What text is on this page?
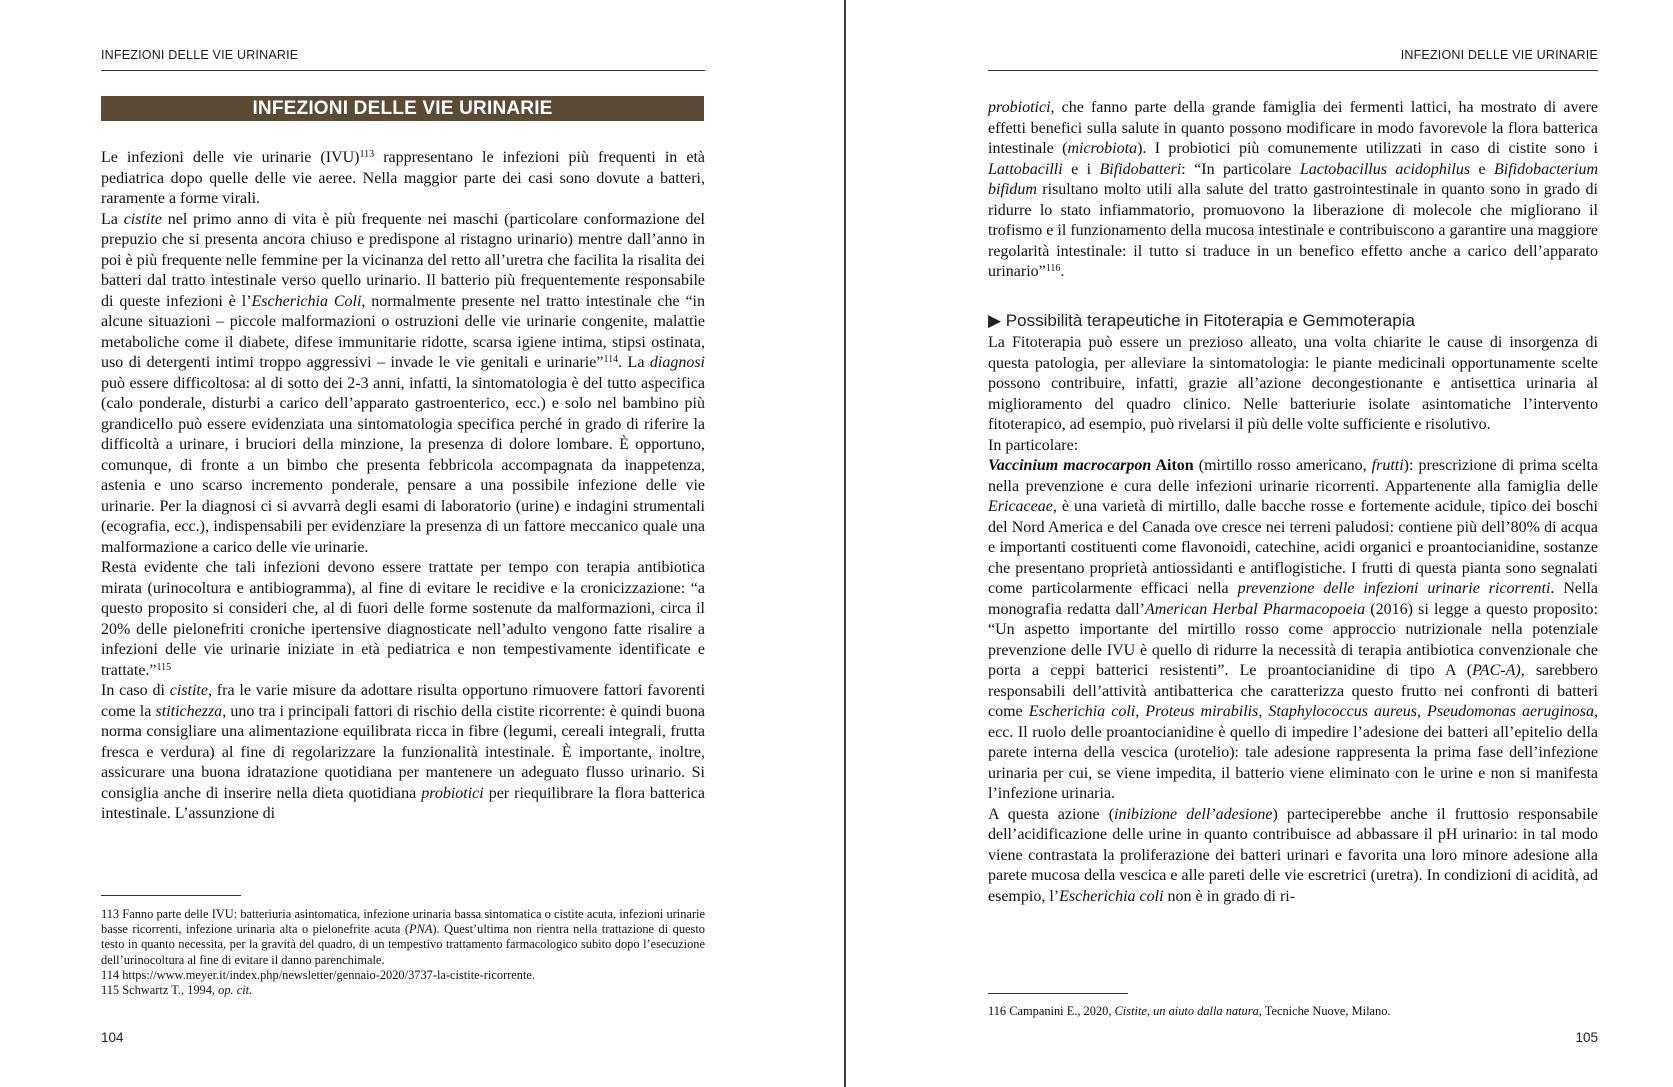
INFEZIONI DELLE VIE URINARIE
INFEZIONI DELLE VIE URINARIE

Le infezioni delle vie urinarie (IVU)$^{113}$ rappresentano le infezioni più frequenti in età pediatrica dopo quelle delle vie aeree. Nella maggior parte dei casi sono dovute a batteri, raramente a forme virali.

La cistite nel primo anno di vita è più frequente nei maschi (particolare conformazione del prepuzio che si presenta ancora chiuso e predispone al ristagno urinario) mentre dall’anno in poi è più frequente nelle femmine per la vicinanza del retto all’uretra che facilita la risalita dei batteri dal tratto intestinale verso quello urinario. Il batterio più frequentemente responsabile di queste infezioni è l’Escherichia Coli, normalmente presente nel tratto intestinale che “in alcune situazioni – piccole malformazioni o ostruzioni delle vie urinarie congenite, malattie metaboliche come il diabete, difese immunitarie ridotte, scarsa igiene intima, stipsi ostinata, uso di detergenti intimi troppo aggressivi – invade le vie genitali e urinarie”$^{114}$. La diagnosi può essere difficoltosa: al di sotto dei 2-3 anni, infatti, la sintomatologia è del tutto aspecifica (calo ponderale, disturbi a carico dell’apparato gastroenterico, ecc.) e solo nel bambino più grandicello può essere evidenziata una sintomatologia specifica perché in grado di riferire la difficoltà a urinare, i bruciori della minzione, la presenza di dolore lombare. È opportuno, comunque, di fronte a un bimbo che presenta febbricola accompagnata da inappetenza, astenia e uno scarso incremento ponderale, pensare a una possibile infezione delle vie urinarie. Per la diagnosi ci si avvarrà degli esami di laboratorio (urine) e indagini strumentali (ecografia, ecc.), indispensabili per evidenziare la presenza di un fattore meccanico quale una malformazione a carico delle vie urinarie.

Resta evidente che tali infezioni devono essere trattate per tempo con terapia antibiotica mirata (urinocoltura e antibiogramma), al fine di evitare le recidive e la cronicizzazione: “a questo proposito si consideri che, al di fuori delle forme sostenute da malformazioni, circa il 20% delle pielonefriti croniche ipertensive diagnosticate nell’adulto vengono fatte risalire a infezioni delle vie urinarie iniziate in età pediatrica e non tempestivamente identificate e trattate.”$^{115}$

In caso di cistite, fra le varie misure da adottare risulta opportuno rimuovere fattori favorenti come la stitichezza, uno tra i principali fattori di rischio della cistite ricorrente: è quindi buona norma consigliare una alimentazione equilibrata ricca in fibre (legumi, cereali integrali, frutta fresca e verdura) al fine di regolarizzare la funzionalità intestinale. È importante, inoltre, assicurare una buona idratazione quotidiana per mantenere un adeguato flusso urinario. Si consiglia anche di inserire nella dieta quotidiana probiotici per riequilibrare la flora batterica intestinale. L’assunzione di

113 Fanno parte delle IVU: batteriuria asintomatica, infezione urinaria bassa sintomatica o cistite acuta, infezioni urinarie basse ricorrenti, infezione urinaria alta o pielonefrite acuta (PNA). Quest’ultima non rientra nella trattazione di questo testo in quanto necessita, per la gravità del quadro, di un tempestivo trattamento farmacologico subito dopo l’esecuzione dell’urinocoltura al fine di evitare il danno parenchimale.

114 https://www.meyer.it/index.php/newsletter/gennaio-2020/3737-la-cistite-ricorrente.

115 Schwartz T., 1994, op. cit.

104
INFEZIONI DELLE VIE URINARIE

probiotici, che fanno parte della grande famiglia dei fermenti lattici, ha mostrato di avere effetti benefici sulla salute in quanto possono modificare in modo favorevole la flora batterica intestinale (microbiota). I probiotici più comunemente utilizzati in caso di cistite sono i Lattobacilli e i Bifidobatteri: “In particolare Lactobacillus acidophilus e Bifidobacterium bifidum risultano molto utili alla salute del tratto gastrointestinale in quanto sono in grado di ridurre lo stato infiammatorio, promuovono la liberazione di molecole che migliorano il trofismo e il funzionamento della mucosa intestinale e contribuiscono a garantire una maggiore regolarità intestinale: il tutto si traduce in un benefico effetto anche a carico dell’apparato urinario”$^{116}$.

▶ Possibilità terapeutiche in Fitoterapia e Gemmoterapia

La Fitoterapia può essere un prezioso alleato, una volta chiarite le cause di insorgenza di questa patologia, per alleviare la sintomatologia: le piante medicinali opportunamente scelte possono contribuire, infatti, grazie all’azione decongestionante e antisettica urinaria al miglioramento del quadro clinico. Nelle batteriurie isolate asintomatiche l’intervento fitoterapico, ad esempio, può rivelarsi il più delle volte sufficiente e risolutivo.

In particolare:

Vaccinium macrocarpon Aiton (mirtillo rosso americano, frutti): prescrizione di prima scelta nella prevenzione e cura delle infezioni urinarie ricorrenti. Appartenente alla famiglia delle Ericaceae, è una varietà di mirtillo, dalle bacche rosse e fortemente acidule, tipico dei boschi del Nord America e del Canada ove cresce nei terreni paludosi: contiene più dell’80% di acqua e importanti costituenti come flavonoidi, catechine, acidi organici e proantocianidine, sostanze che presentano proprietà antiossidanti e antiflogistiche. I frutti di questa pianta sono segnalati come particolarmente efficaci nella prevenzione delle infezioni urinarie ricorrenti. Nella monografia redatta dall’American Herbal Pharmacopoeia (2016) si legge a questo proposito: “Un aspetto importante del mirtillo rosso come approccio nutrizionale nella potenziale prevenzione delle IVU è quello di ridurre la necessità di terapia antibiotica convenzionale che porta a ceppi batterici resistenti”. Le proantocianidine di tipo A (PAC-A), sarebbero responsabili dell’attività antibatterica che caratterizza questo frutto nei confronti di batteri come Escherichia coli, Proteus mirabilis, Staphylococcus aureus, Pseudomonas aeruginosa, ecc. Il ruolo delle proantocianidine è quello di impedire l’adesione dei batteri all’epitelio della parete interna della vescica (urotelio): tale adesione rappresenta la prima fase dell’infezione urinaria per cui, se viene impedita, il batterio viene eliminato con le urine e non si manifesta l’infezione urinaria.

A questa azione (inibizione dell’adesione) parteciperebbe anche il fruttosio responsabile dell’acidificazione delle urine in quanto contribuisce ad abbassare il pH urinario: in tal modo viene contrastata la proliferazione dei batteri urinari e favorita una loro minore adesione alla parete mucosa della vescica e alle pareti delle vie escretrici (uretra). In condizioni di acidità, ad esempio, l’Escherichia coli non è in grado di ri-

116 Campanini E., 2020, Cistite, un aiuto dalla natura, Tecniche Nuove, Milano.

105
